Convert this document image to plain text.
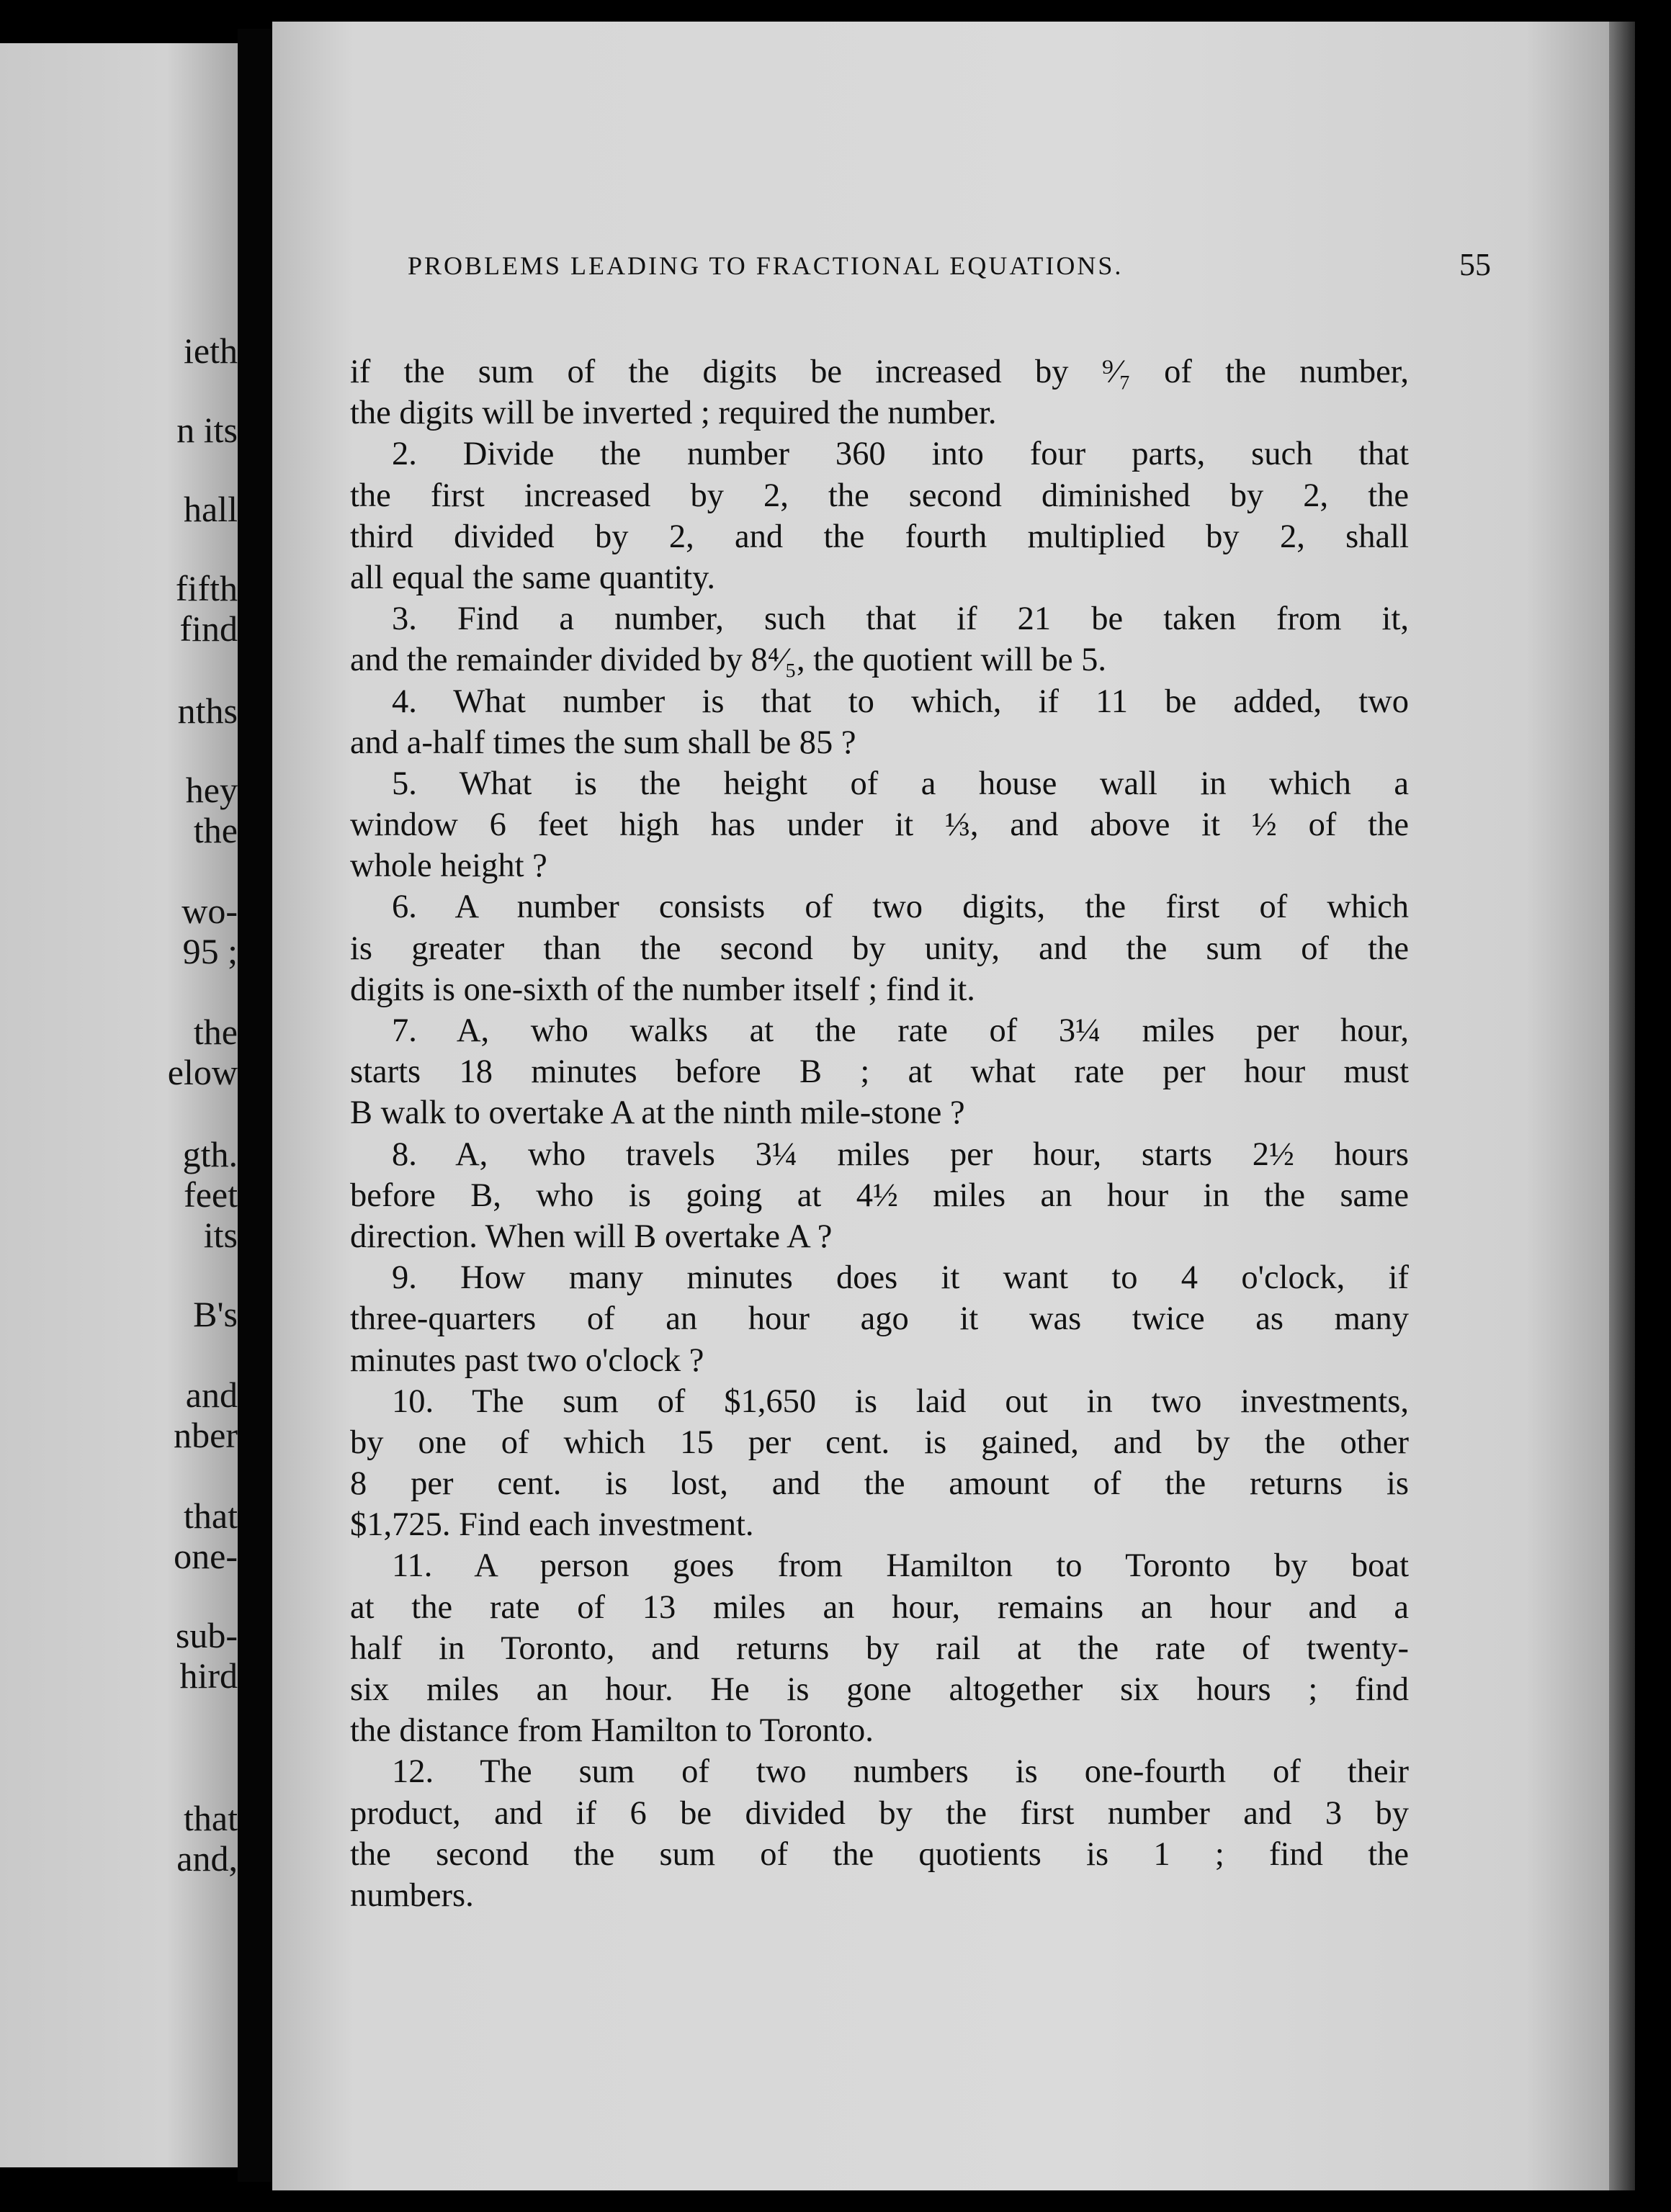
ieth
n its
hall
fifth
find
nths
hey
the
wo-
95 ;
the
elow
gth.
feet
its
B's
and
nber
that
one-
sub-
hird
that
and,
PROBLEMS LEADING TO FRACTIONAL EQUATIONS.	55
if the sum of the digits be increased by ⁹⁄₇ of the number,
the digits will be inverted ; required the number.
2. Divide the number 360 into four parts, such that
the first increased by 2, the second diminished by 2, the
third divided by 2, and the fourth multiplied by 2, shall
all equal the same quantity.
3. Find a number, such that if 21 be taken from it,
and the remainder divided by 8⁴⁄₅, the quotient will be 5.
4. What number is that to which, if 11 be added, two
and a-half times the sum shall be 85 ?
5. What is the height of a house wall in which a
window 6 feet high has under it ⅓, and above it ½ of the
whole height ?
6. A number consists of two digits, the first of which
is greater than the second by unity, and the sum of the
digits is one-sixth of the number itself ; find it.
7. A, who walks at the rate of 3¼ miles per hour,
starts 18 minutes before B ; at what rate per hour must
B walk to overtake A at the ninth mile-stone ?
8. A, who travels 3¼ miles per hour, starts 2½ hours
before B, who is going at 4½ miles an hour in the same
direction. When will B overtake A ?
9. How many minutes does it want to 4 o'clock, if
three-quarters of an hour ago it was twice as many
minutes past two o'clock ?
10. The sum of $1,650 is laid out in two investments,
by one of which 15 per cent. is gained, and by the other
8 per cent. is lost, and the amount of the returns is
$1,725. Find each investment.
11. A person goes from Hamilton to Toronto by boat
at the rate of 13 miles an hour, remains an hour and a
half in Toronto, and returns by rail at the rate of twenty-
six miles an hour. He is gone altogether six hours ; find
the distance from Hamilton to Toronto.
12. The sum of two numbers is one-fourth of their
product, and if 6 be divided by the first number and 3 by
the second the sum of the quotients is 1 ; find the
numbers.
